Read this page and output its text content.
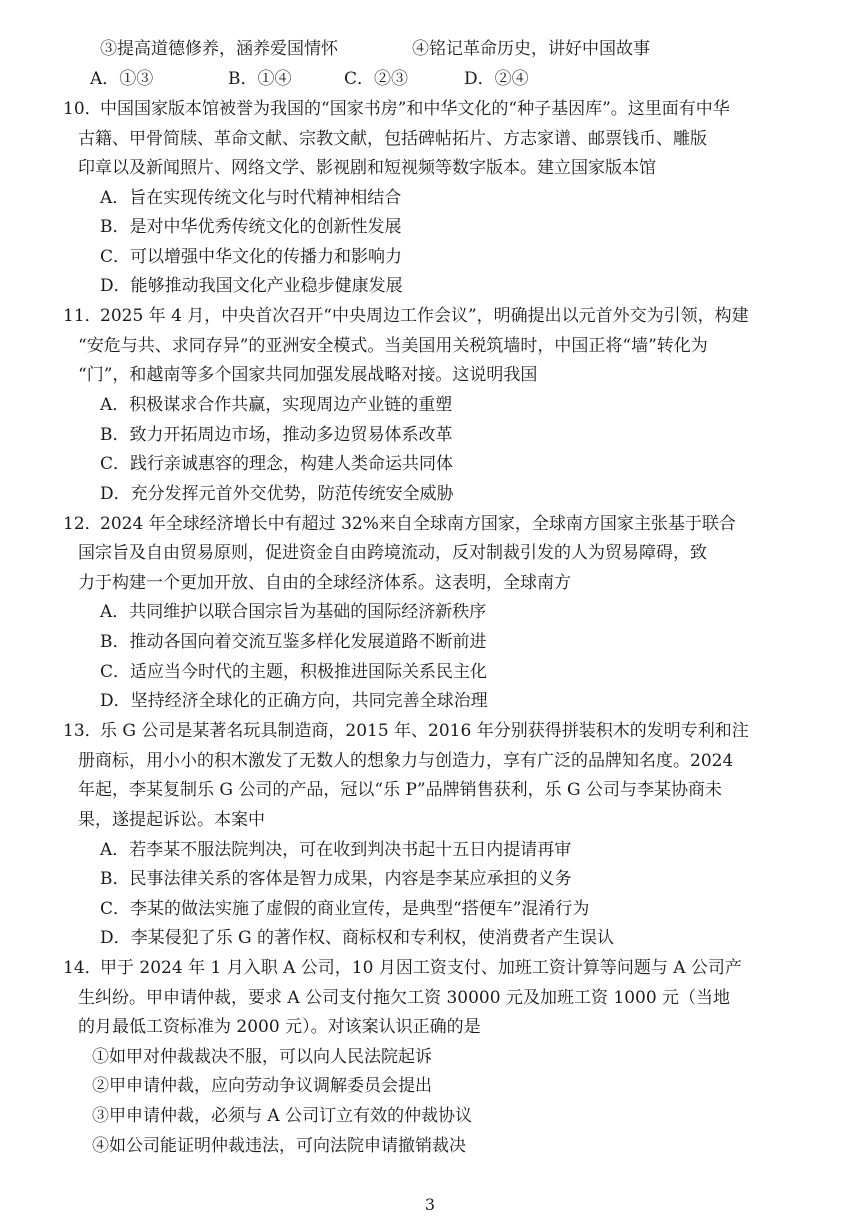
③提高道德修养，涵养爱国情怀	④铭记革命历史，讲好中国故事
A．①③	B．①④	C．②③	D．②④
10．
中国国家版本馆被誉为我国的“国家书房”和中华文化的“种子基因库”。这里面有中华
古籍、甲骨简牍、革命文献、宗教文献，包括碑帖拓片、方志家谱、邮票钱币、雕版
印章以及新闻照片、网络文学、影视剧和短视频等数字版本。建立国家版本馆
A．旨在实现传统文化与时代精神相结合
B．是对中华优秀传统文化的创新性发展
C．可以增强中华文化的传播力和影响力
D．能够推动我国文化产业稳步健康发展
11．
2025 年 4 月，中央首次召开“中央周边工作会议”，明确提出以元首外交为引领，构建
“安危与共、求同存异”的亚洲安全模式。当美国用关税筑墙时，中国正将“墙”转化为
“门”，和越南等多个国家共同加强发展战略对接。这说明我国
A．积极谋求合作共赢，实现周边产业链的重塑
B．致力开拓周边市场，推动多边贸易体系改革
C．践行亲诚惠容的理念，构建人类命运共同体
D．充分发挥元首外交优势，防范传统安全威胁
12．
2024 年全球经济增长中有超过 32%来自全球南方国家，全球南方国家主张基于联合
国宗旨及自由贸易原则，促进资金自由跨境流动，反对制裁引发的人为贸易障碍，致
力于构建一个更加开放、自由的全球经济体系。这表明，全球南方
A．共同维护以联合国宗旨为基础的国际经济新秩序
B．推动各国向着交流互鉴多样化发展道路不断前进
C．适应当今时代的主题，积极推进国际关系民主化
D．坚持经济全球化的正确方向，共同完善全球治理
13．
乐 G 公司是某著名玩具制造商，2015 年、2016 年分别获得拼装积木的发明专利和注
册商标，用小小的积木激发了无数人的想象力与创造力，享有广泛的品牌知名度。2024
年起，李某复制乐 G 公司的产品，冠以“乐 P”品牌销售获利，乐 G 公司与李某协商未
果，遂提起诉讼。本案中
A．若李某不服法院判决，可在收到判决书起十五日内提请再审
B．民事法律关系的客体是智力成果，内容是李某应承担的义务
C．李某的做法实施了虚假的商业宣传，是典型“搭便车”混淆行为
D．李某侵犯了乐 G 的著作权、商标权和专利权，使消费者产生误认
14．
甲于 2024 年 1 月入职 A 公司，10 月因工资支付、加班工资计算等问题与 A 公司产
生纠纷。甲申请仲裁，要求 A 公司支付拖欠工资 30000 元及加班工资 1000 元（当地
的月最低工资标准为 2000 元）。对该案认识正确的是
①如甲对仲裁裁决不服，可以向人民法院起诉
②甲申请仲裁，应向劳动争议调解委员会提出
③甲申请仲裁，必须与 A 公司订立有效的仲裁协议
④如公司能证明仲裁违法，可向法院申请撤销裁决
3
